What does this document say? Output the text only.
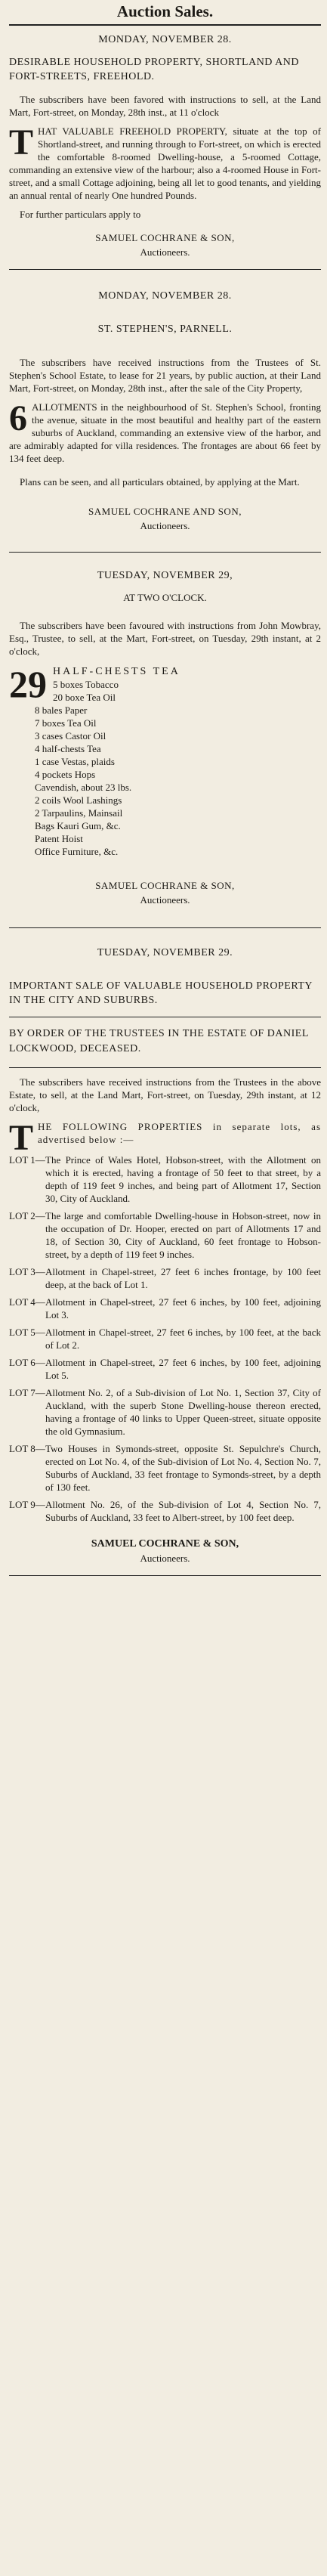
Auction Sales.
MONDAY, NOVEMBER 28.
DESIRABLE HOUSEHOLD PROPERTY, SHORTLAND AND FORT-STREETS, FREEHOLD.

The subscribers have been favored with instructions to sell, at the Land Mart, Fort-street, on Monday, 28th inst., at 11 o'clock

T HAT VALUABLE FREEHOLD PROPERTY, situate at the top of Shortland-street, and running through to Fort-street, on which is erected the comfortable 8-roomed Dwelling-house, a 5-roomed Cottage, commanding an extensive view of the harbour; also a 4-roomed House in Fort-street, and a small Cottage adjoining, being all let to good tenants, and yielding an annual rental of nearly One hundred Pounds.

For further particulars apply to

SAMUEL COCHRANE & SON,
Auctioneers.
MONDAY, NOVEMBER 28.
ST. STEPHEN'S, PARNELL.

The subscribers have received instructions from the Trustees of St. Stephen's School Estate, to lease for 21 years, by public auction, at their Land Mart, Fort-street, on Monday, 28th inst., after the sale of the City Property,

6 ALLOTMENTS in the neighbourhood of St. Stephen's School, fronting the avenue, situate in the most beautiful and healthy part of the eastern suburbs of Auckland, commanding an extensive view of the harbor, and are admirably adapted for villa residences. The frontages are about 66 feet by 134 feet deep.

Plans can be seen, and all particulars obtained, by applying at the Mart.

SAMUEL COCHRANE AND SON,
Auctioneers.
TUESDAY, NOVEMBER 29,
AT TWO O'CLOCK.

The subscribers have been favoured with instructions from John Mowbray, Esq., Trustee, to sell, at the Mart, Fort-street, on Tuesday, 29th instant, at 2 o'clock,

29 HALF-CHESTS TEA
5 boxes Tobacco
20 boxe Tea Oil
8 bales Paper
7 boxes Tea Oil
3 cases Castor Oil
4 half-chests Tea
1 case Vestas, plaids
4 pockets Hops
Cavendish, about 23 lbs.
2 coils Wool Lashings
2 Tarpaulins, Mainsail
Bags Kauri Gum, &c.
Patent Hoist
Office Furniture, &c.
SAMUEL COCHRANE & SON,
Auctioneers.
TUESDAY, NOVEMBER 29.
IMPORTANT SALE OF VALUABLE HOUSEHOLD PROPERTY IN THE CITY AND SUBURBS.
BY ORDER OF THE TRUSTEES IN THE ESTATE OF DANIEL LOCKWOOD, DECEASED.

The subscribers have received instructions from the Trustees in the above Estate, to sell, at the Land Mart, Fort-street, on Tuesday, 29th instant, at 12 o'clock,

T HE FOLLOWING PROPERTIES in separate lots, as advertised below :—

LOT 1— The Prince of Wales Hotel, Hobson-street, with the Allotment on which it is erected, having a frontage of 50 feet to that street, by a depth of 119 feet 9 inches, and being part of Allotment 17, Section 30, City of Auckland.
LOT 2— The large and comfortable Dwelling-house in Hobson-street, now in the occupation of Dr. Hooper, erected on part of Allotments 17 and 18, of Section 30, City of Auckland, 60 feet frontage to Hobson-street, by a depth of 119 feet 9 inches.
LOT 3— Allotment in Chapel-street, 27 feet 6 inches frontage, by 100 feet deep, at the back of Lot 1.
LOT 4— Allotment in Chapel-street, 27 feet 6 inches, by 100 feet, adjoining Lot 3.
LOT 5— Allotment in Chapel-street, 27 feet 6 inches, by 100 feet, at the back of Lot 2.
LOT 6— Allotment in Chapel-street, 27 feet 6 inches, by 100 feet, adjoining Lot 5.
LOT 7— Allotment No. 2, of a Sub-division of Lot No. 1, Section 37, City of Auckland, with the superb Stone Dwelling-house thereon erected, having a frontage of 40 links to Upper Queen-street, situate opposite the old Gymnasium.
LOT 8— Two Houses in Symonds-street, opposite St. Sepulchre's Church, erected on Lot No. 4, of the Sub-division of Lot No. 4, Section No. 7, Suburbs of Auckland, 33 feet frontage to Symonds-street, by a depth of 130 feet.
LOT 9— Allotment No. 26, of the Sub-division of Lot 4, Section No. 7, Suburbs of Auckland, 33 feet to Albert-street, by 100 feet deep.
SAMUEL COCHRANE & SON,
Auctioneers.
